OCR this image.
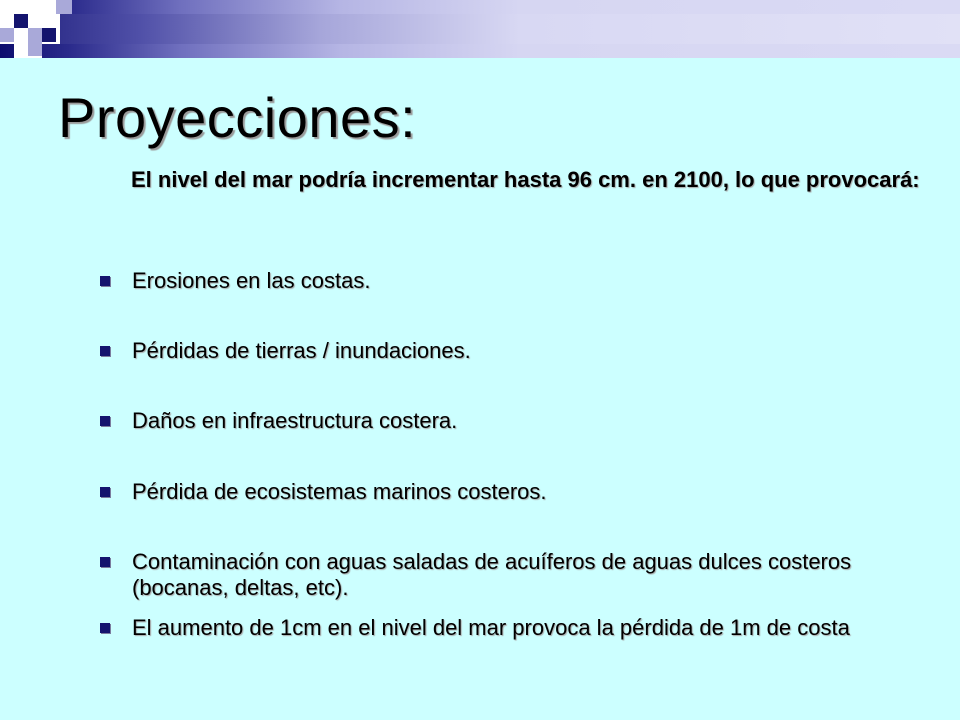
Proyecciones:
El nivel del mar podría incrementar hasta 96 cm. en 2100, lo que provocará:
Erosiones en las costas.
Pérdidas de tierras / inundaciones.
Daños en infraestructura costera.
Pérdida de ecosistemas marinos costeros.
Contaminación con aguas saladas de acuíferos de aguas dulces costeros (bocanas, deltas, etc).
El aumento de 1cm en el nivel del mar provoca la pérdida de 1m de costa
